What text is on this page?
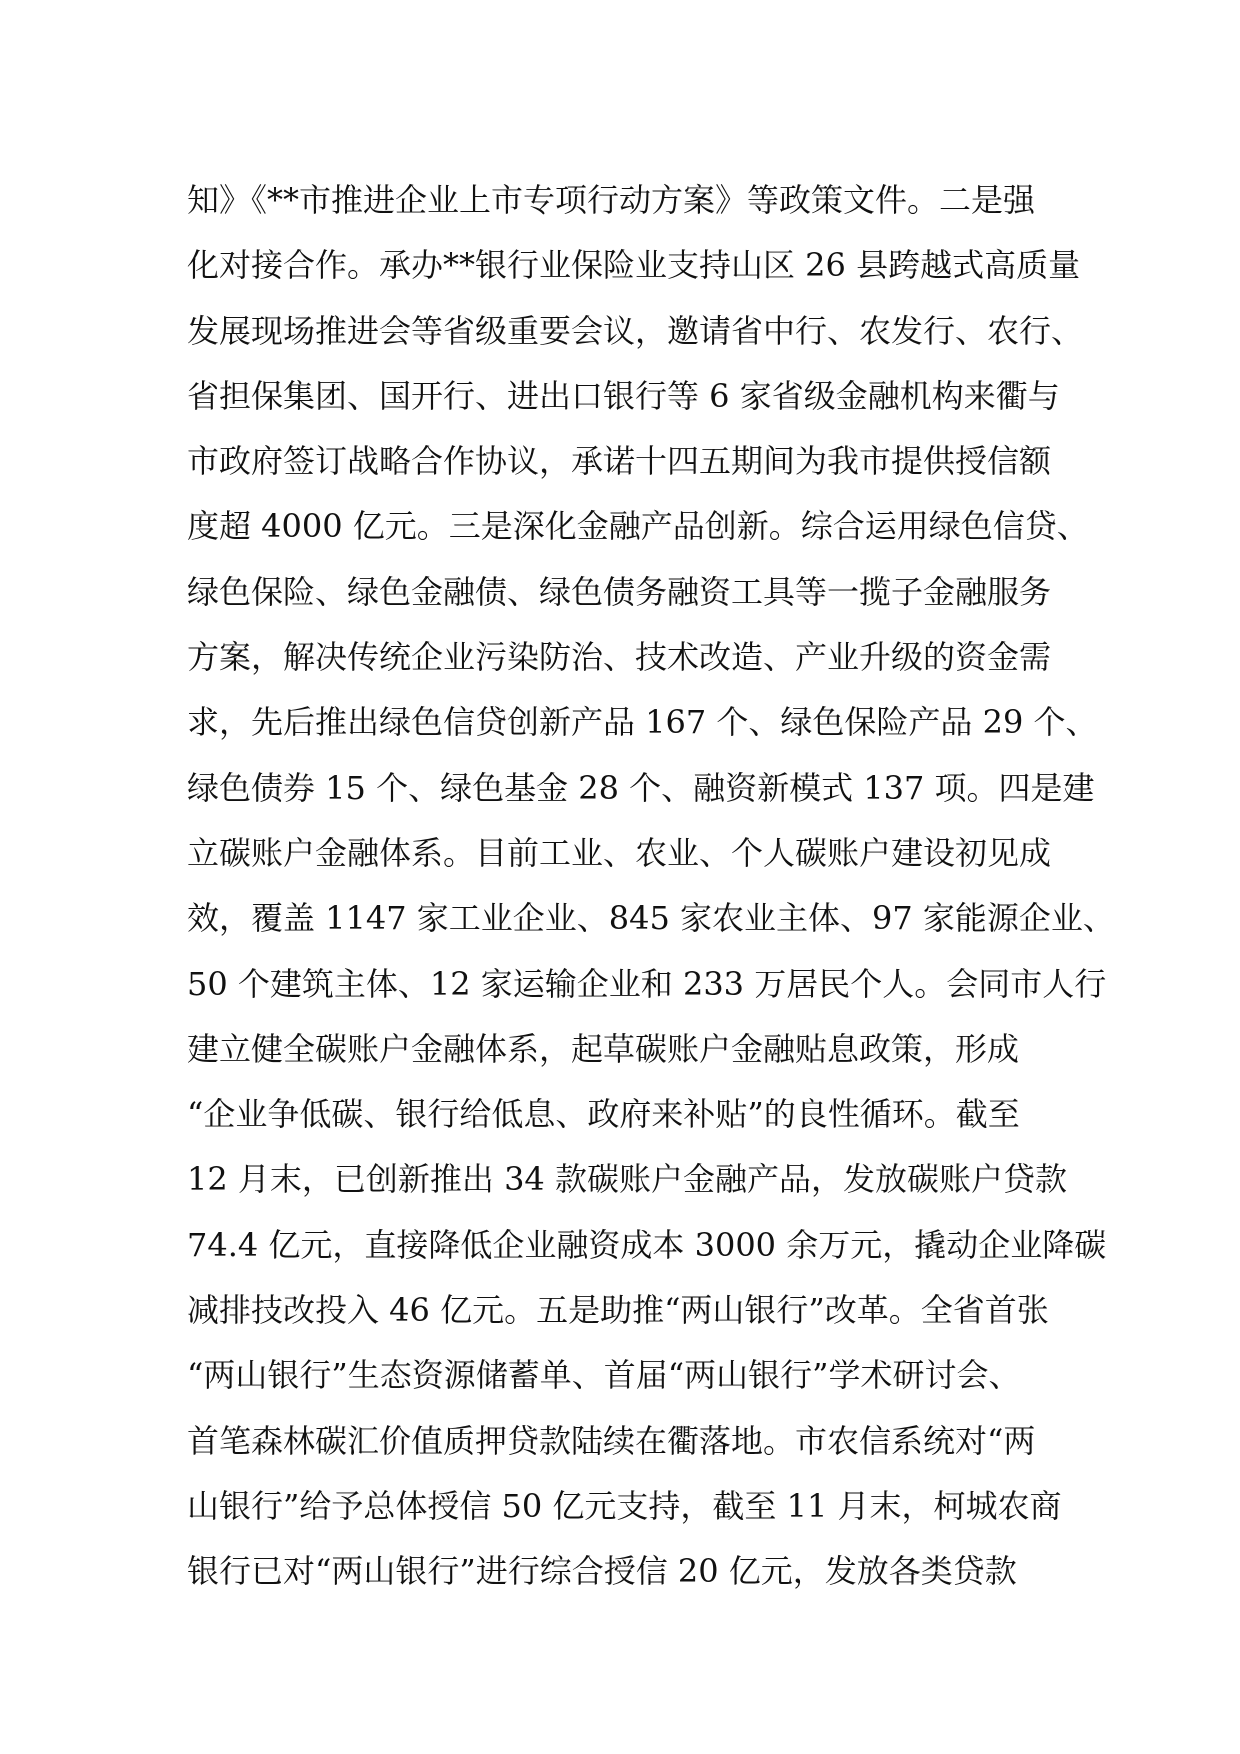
知》《**市推进企业上市专项行动方案》等政策文件。二是强
化对接合作。承办**银行业保险业支持山区 26 县跨越式高质量
发展现场推进会等省级重要会议，邀请省中行、农发行、农行、
省担保集团、国开行、进出口银行等 6 家省级金融机构来衢与
市政府签订战略合作协议，承诺十四五期间为我市提供授信额
度超 4000 亿元。三是深化金融产品创新。综合运用绿色信贷、
绿色保险、绿色金融债、绿色债务融资工具等一揽子金融服务
方案，解决传统企业污染防治、技术改造、产业升级的资金需
求，先后推出绿色信贷创新产品 167 个、绿色保险产品 29 个、
绿色债券 15 个、绿色基金 28 个、融资新模式 137 项。四是建
立碳账户金融体系。目前工业、农业、个人碳账户建设初见成
效，覆盖 1147 家工业企业、845 家农业主体、97 家能源企业、
50 个建筑主体、12 家运输企业和 233 万居民个人。会同市人行
建立健全碳账户金融体系，起草碳账户金融贴息政策，形成
“企业争低碳、银行给低息、政府来补贴”的良性循环。截至
12 月末，已创新推出 34 款碳账户金融产品，发放碳账户贷款
74.4 亿元，直接降低企业融资成本 3000 余万元，撬动企业降碳
减排技改投入 46 亿元。五是助推“两山银行”改革。全省首张
“两山银行”生态资源储蓄单、首届“两山银行”学术研讨会、
首笔森林碳汇价值质押贷款陆续在衢落地。市农信系统对“两
山银行”给予总体授信 50 亿元支持，截至 11 月末，柯城农商
银行已对“两山银行”进行综合授信 20 亿元，发放各类贷款
